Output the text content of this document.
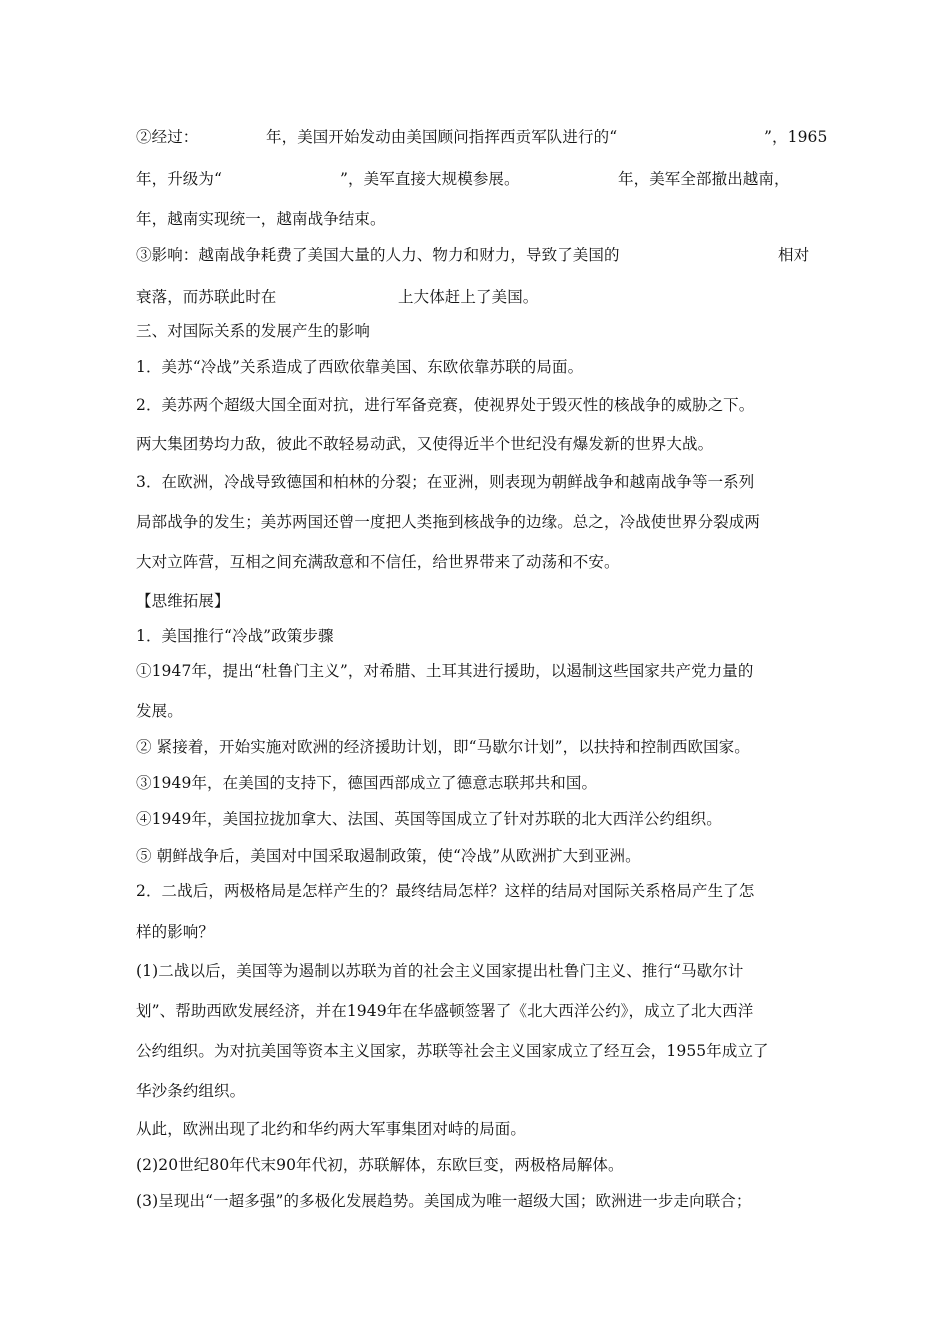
②经过：	年，美国开始发动由美国顾问指挥西贡军队进行的“	”，1965
年，升级为“	”，美军直接大规模参展。	年，美军全部撤出越南，
年，越南实现统一，越南战争结束。
③影响：越南战争耗费了美国大量的人力、物力和财力，导致了美国的	相对
衰落，而苏联此时在	上大体赶上了美国。
三、对国际关系的发展产生的影响
1．美苏“冷战”关系造成了西欧依靠美国、东欧依靠苏联的局面。
2．美苏两个超级大国全面对抗，进行军备竞赛，使视界处于毁灭性的核战争的威胁之下。
两大集团势均力敌，彼此不敢轻易动武，又使得近半个世纪没有爆发新的世界大战。
3．在欧洲，冷战导致德国和柏林的分裂；在亚洲，则表现为朝鲜战争和越南战争等一系列
局部战争的发生；美苏两国还曾一度把人类拖到核战争的边缘。总之，冷战使世界分裂成两
大对立阵营，互相之间充满敌意和不信任，给世界带来了动荡和不安。
【思维拓展】
1．美国推行“冷战”政策步骤
①1947年，提出“杜鲁门主义”，对希腊、土耳其进行援助，以遏制这些国家共产党力量的
发展。
② 紧接着，开始实施对欧洲的经济援助计划，即“马歇尔计划”，以扶持和控制西欧国家。
③1949年，在美国的支持下，德国西部成立了德意志联邦共和国。
④1949年，美国拉拢加拿大、法国、英国等国成立了针对苏联的北大西洋公约组织。
⑤ 朝鲜战争后，美国对中国采取遏制政策，使“冷战”从欧洲扩大到亚洲。
2．二战后，两极格局是怎样产生的？最终结局怎样？这样的结局对国际关系格局产生了怎
样的影响？
(1)二战以后，美国等为遏制以苏联为首的社会主义国家提出杜鲁门主义、推行“马歇尔计
划”、帮助西欧发展经济，并在1949年在华盛顿签署了《北大西洋公约》，成立了北大西洋
公约组织。为对抗美国等资本主义国家，苏联等社会主义国家成立了经互会，1955年成立了
华沙条约组织。
从此，欧洲出现了北约和华约两大军事集团对峙的局面。
(2)20世纪80年代末90年代初，苏联解体，东欧巨变，两极格局解体。
(3)呈现出“一超多强”的多极化发展趋势。美国成为唯一超级大国；欧洲进一步走向联合；
